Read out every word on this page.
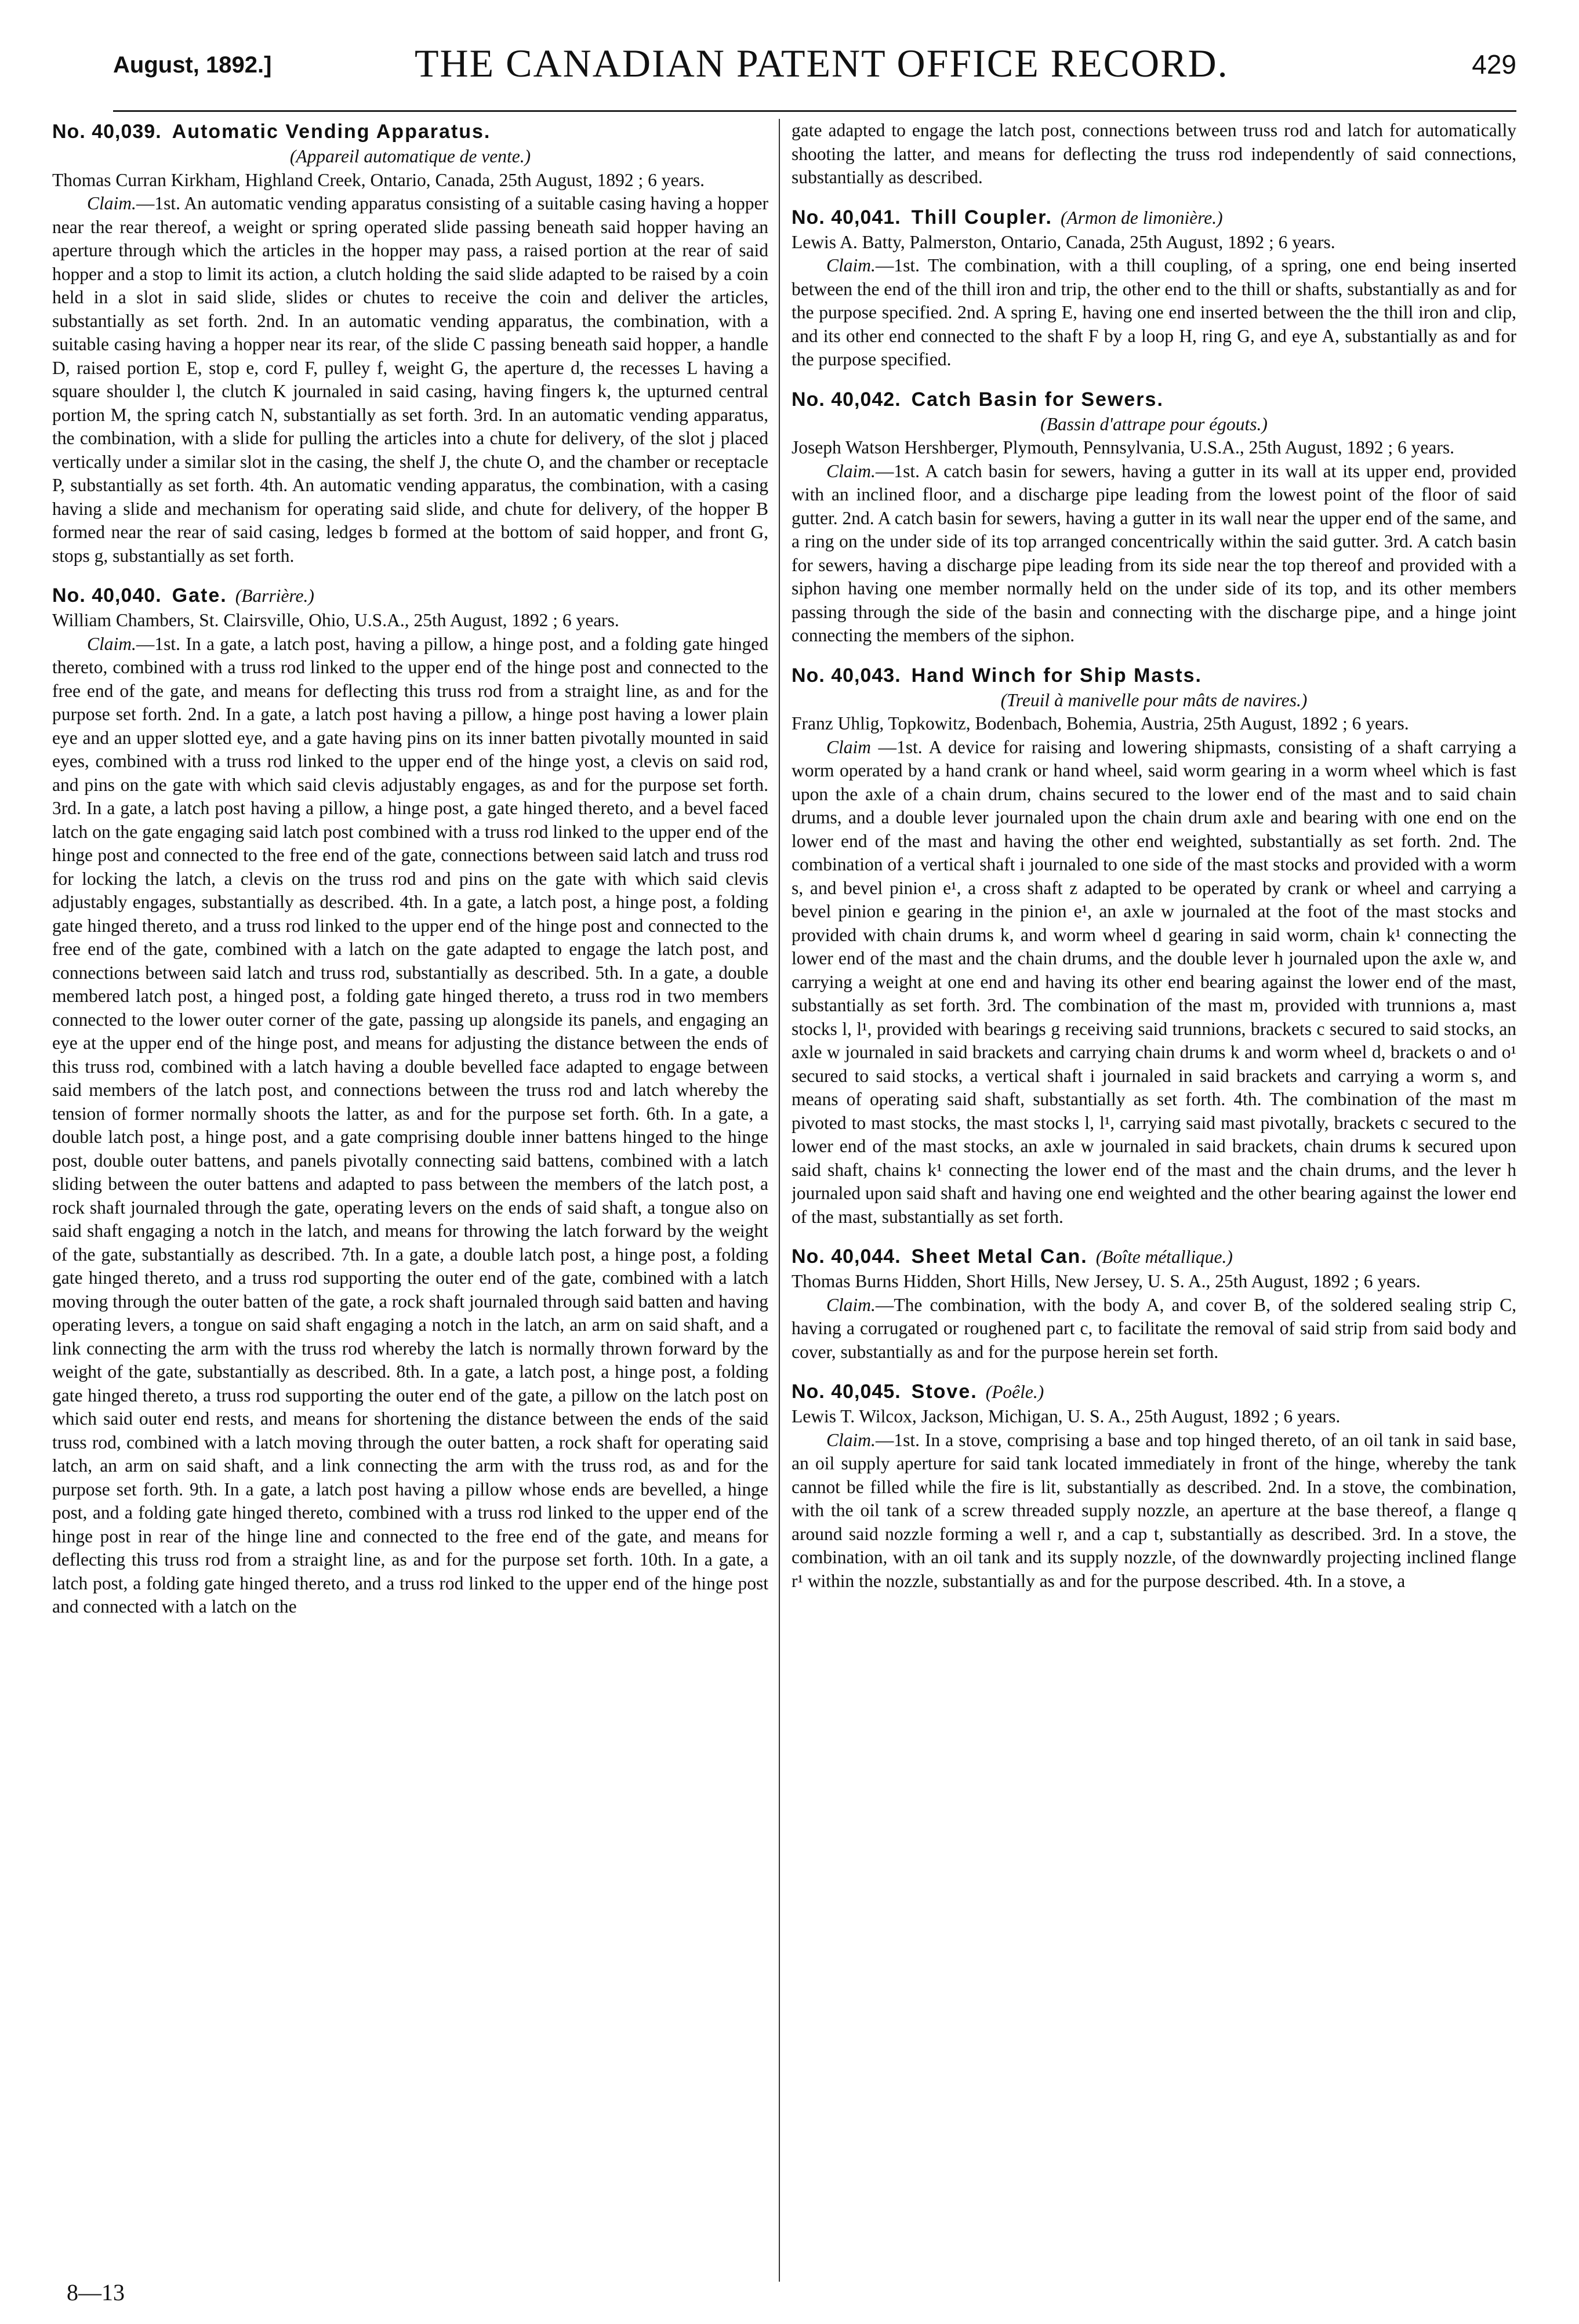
August, 1892.]	THE CANADIAN PATENT OFFICE RECORD.	429

No. 40,039. Automatic Vending Apparatus.

(Appareil automatique de vente.)

Thomas Curran Kirkham, Highland Creek, Ontario, Canada, 25th August, 1892 ; 6 years.

Claim.—1st. An automatic vending apparatus consisting of a suitable casing having a hopper near the rear thereof, a weight or spring operated slide passing beneath said hopper having an aperture through which the articles in the hopper may pass, a raised portion at the rear of said hopper and a stop to limit its action, a clutch holding the said slide adapted to be raised by a coin held in a slot in said slide, slides or chutes to receive the coin and deliver the articles, substantially as set forth. 2nd. In an automatic vending apparatus, the combination, with a suitable casing having a hopper near its rear, of the slide C passing beneath said hopper, a handle D, raised portion E, stop e, cord F, pulley f, weight G, the aperture d, the recesses L having a square shoulder l, the clutch K journaled in said casing, having fingers k, the upturned central portion M, the spring catch N, substantially as set forth. 3rd. In an automatic vending apparatus, the combination, with a slide for pulling the articles into a chute for delivery, of the slot j placed vertically under a similar slot in the casing, the shelf J, the chute O, and the chamber or receptacle P, substantially as set forth. 4th. An automatic vending apparatus, the combination, with a casing having a slide and mechanism for operating said slide, and chute for delivery, of the hopper B formed near the rear of said casing, ledges b formed at the bottom of said hopper, and front G, stops g, substantially as set forth.

No. 40,040. Gate. (Barrière.)

William Chambers, St. Clairsville, Ohio, U.S.A., 25th August, 1892 ; 6 years.

Claim.—1st. In a gate, a latch post, having a pillow, a hinge post, and a folding gate hinged thereto, combined with a truss rod linked to the upper end of the hinge post and connected to the free end of the gate, and means for deflecting this truss rod from a straight line, as and for the purpose set forth. 2nd. In a gate, a latch post having a pillow, a hinge post having a lower plain eye and an upper slotted eye, and a gate having pins on its inner batten pivotally mounted in said eyes, combined with a truss rod linked to the upper end of the hinge yost, a clevis on said rod, and pins on the gate with which said clevis adjustably engages, as and for the purpose set forth. 3rd. In a gate, a latch post having a pillow, a hinge post, a gate hinged thereto, and a bevel faced latch on the gate engaging said latch post combined with a truss rod linked to the upper end of the hinge post and connected to the free end of the gate, connections between said latch and truss rod for locking the latch, a clevis on the truss rod and pins on the gate with which said clevis adjustably engages, substantially as described. 4th. In a gate, a latch post, a hinge post, a folding gate hinged thereto, and a truss rod linked to the upper end of the hinge post and connected to the free end of the gate, combined with a latch on the gate adapted to engage the latch post, and connections between said latch and truss rod, substantially as described. 5th. In a gate, a double membered latch post, a hinged post, a folding gate hinged thereto, a truss rod in two members connected to the lower outer corner of the gate, passing up alongside its panels, and engaging an eye at the upper end of the hinge post, and means for adjusting the distance between the ends of this truss rod, combined with a latch having a double bevelled face adapted to engage between said members of the latch post, and connections between the truss rod and latch whereby the tension of former normally shoots the latter, as and for the purpose set forth. 6th. In a gate, a double latch post, a hinge post, and a gate comprising double inner battens hinged to the hinge post, double outer battens, and panels pivotally connecting said battens, combined with a latch sliding between the outer battens and adapted to pass between the members of the latch post, a rock shaft journaled through the gate, operating levers on the ends of said shaft, a tongue also on said shaft engaging a notch in the latch, and means for throwing the latch forward by the weight of the gate, substantially as described. 7th. In a gate, a double latch post, a hinge post, a folding gate hinged thereto, and a truss rod supporting the outer end of the gate, combined with a latch moving through the outer batten of the gate, a rock shaft journaled through said batten and having operating levers, a tongue on said shaft engaging a notch in the latch, an arm on said shaft, and a link connecting the arm with the truss rod whereby the latch is normally thrown forward by the weight of the gate, substantially as described. 8th. In a gate, a latch post, a hinge post, a folding gate hinged thereto, a truss rod supporting the outer end of the gate, a pillow on the latch post on which said outer end rests, and means for shortening the distance between the ends of the said truss rod, combined with a latch moving through the outer batten, a rock shaft for operating said latch, an arm on said shaft, and a link connecting the arm with the truss rod, as and for the purpose set forth. 9th. In a gate, a latch post having a pillow whose ends are bevelled, a hinge post, and a folding gate hinged thereto, combined with a truss rod linked to the upper end of the hinge post in rear of the hinge line and connected to the free end of the gate, and means for deflecting this truss rod from a straight line, as and for the purpose set forth. 10th. In a gate, a latch post, a folding gate hinged thereto, and a truss rod linked to the upper end of the hinge post and connected with a latch on the

gate adapted to engage the latch post, connections between truss rod and latch for automatically shooting the latter, and means for deflecting the truss rod independently of said connections, substantially as described.

No. 40,041. Thill Coupler. (Armon de limonière.)

Lewis A. Batty, Palmerston, Ontario, Canada, 25th August, 1892 ; 6 years.

Claim.—1st. The combination, with a thill coupling, of a spring, one end being inserted between the end of the thill iron and trip, the other end to the thill or shafts, substantially as and for the purpose specified. 2nd. A spring E, having one end inserted between the the thill iron and clip, and its other end connected to the shaft F by a loop H, ring G, and eye A, substantially as and for the purpose specified.

No. 40,042. Catch Basin for Sewers.

(Bassin d'attrape pour égouts.)

Joseph Watson Hershberger, Plymouth, Pennsylvania, U.S.A., 25th August, 1892 ; 6 years.

Claim.—1st. A catch basin for sewers, having a gutter in its wall at its upper end, provided with an inclined floor, and a discharge pipe leading from the lowest point of the floor of said gutter. 2nd. A catch basin for sewers, having a gutter in its wall near the upper end of the same, and a ring on the under side of its top arranged concentrically within the said gutter. 3rd. A catch basin for sewers, having a discharge pipe leading from its side near the top thereof and provided with a siphon having one member normally held on the under side of its top, and its other members passing through the side of the basin and connecting with the discharge pipe, and a hinge joint connecting the members of the siphon.

No. 40,043. Hand Winch for Ship Masts.

(Treuil à manivelle pour mâts de navires.)

Franz Uhlig, Topkowitz, Bodenbach, Bohemia, Austria, 25th August, 1892 ; 6 years.

Claim —1st. A device for raising and lowering shipmasts, consisting of a shaft carrying a worm operated by a hand crank or hand wheel, said worm gearing in a worm wheel which is fast upon the axle of a chain drum, chains secured to the lower end of the mast and to said chain drums, and a double lever journaled upon the chain drum axle and bearing with one end on the lower end of the mast and having the other end weighted, substantially as set forth. 2nd. The combination of a vertical shaft i journaled to one side of the mast stocks and provided with a worm s, and bevel pinion e¹, a cross shaft z adapted to be operated by crank or wheel and carrying a bevel pinion e gearing in the pinion e¹, an axle w journaled at the foot of the mast stocks and provided with chain drums k, and worm wheel d gearing in said worm, chain k¹ connecting the lower end of the mast and the chain drums, and the double lever h journaled upon the axle w, and carrying a weight at one end and having its other end bearing against the lower end of the mast, substantially as set forth. 3rd. The combination of the mast m, provided with trunnions a, mast stocks l, l¹, provided with bearings g receiving said trunnions, brackets c secured to said stocks, an axle w journaled in said brackets and carrying chain drums k and worm wheel d, brackets o and o¹ secured to said stocks, a vertical shaft i journaled in said brackets and carrying a worm s, and means of operating said shaft, substantially as set forth. 4th. The combination of the mast m pivoted to mast stocks, the mast stocks l, l¹, carrying said mast pivotally, brackets c secured to the lower end of the mast stocks, an axle w journaled in said brackets, chain drums k secured upon said shaft, chains k¹ connecting the lower end of the mast and the chain drums, and the lever h journaled upon said shaft and having one end weighted and the other bearing against the lower end of the mast, substantially as set forth.

No. 40,044. Sheet Metal Can. (Boîte métallique.)

Thomas Burns Hidden, Short Hills, New Jersey, U. S. A., 25th August, 1892 ; 6 years.

Claim.—The combination, with the body A, and cover B, of the soldered sealing strip C, having a corrugated or roughened part c, to facilitate the removal of said strip from said body and cover, substantially as and for the purpose herein set forth.

No. 40,045. Stove. (Poêle.)

Lewis T. Wilcox, Jackson, Michigan, U. S. A., 25th August, 1892 ; 6 years.

Claim.—1st. In a stove, comprising a base and top hinged thereto, of an oil tank in said base, an oil supply aperture for said tank located immediately in front of the hinge, whereby the tank cannot be filled while the fire is lit, substantially as described. 2nd. In a stove, the combination, with the oil tank of a screw threaded supply nozzle, an aperture at the base thereof, a flange q around said nozzle forming a well r, and a cap t, substantially as described. 3rd. In a stove, the combination, with an oil tank and its supply nozzle, of the downwardly projecting inclined flange r¹ within the nozzle, substantially as and for the purpose described. 4th. In a stove, a

8—13
